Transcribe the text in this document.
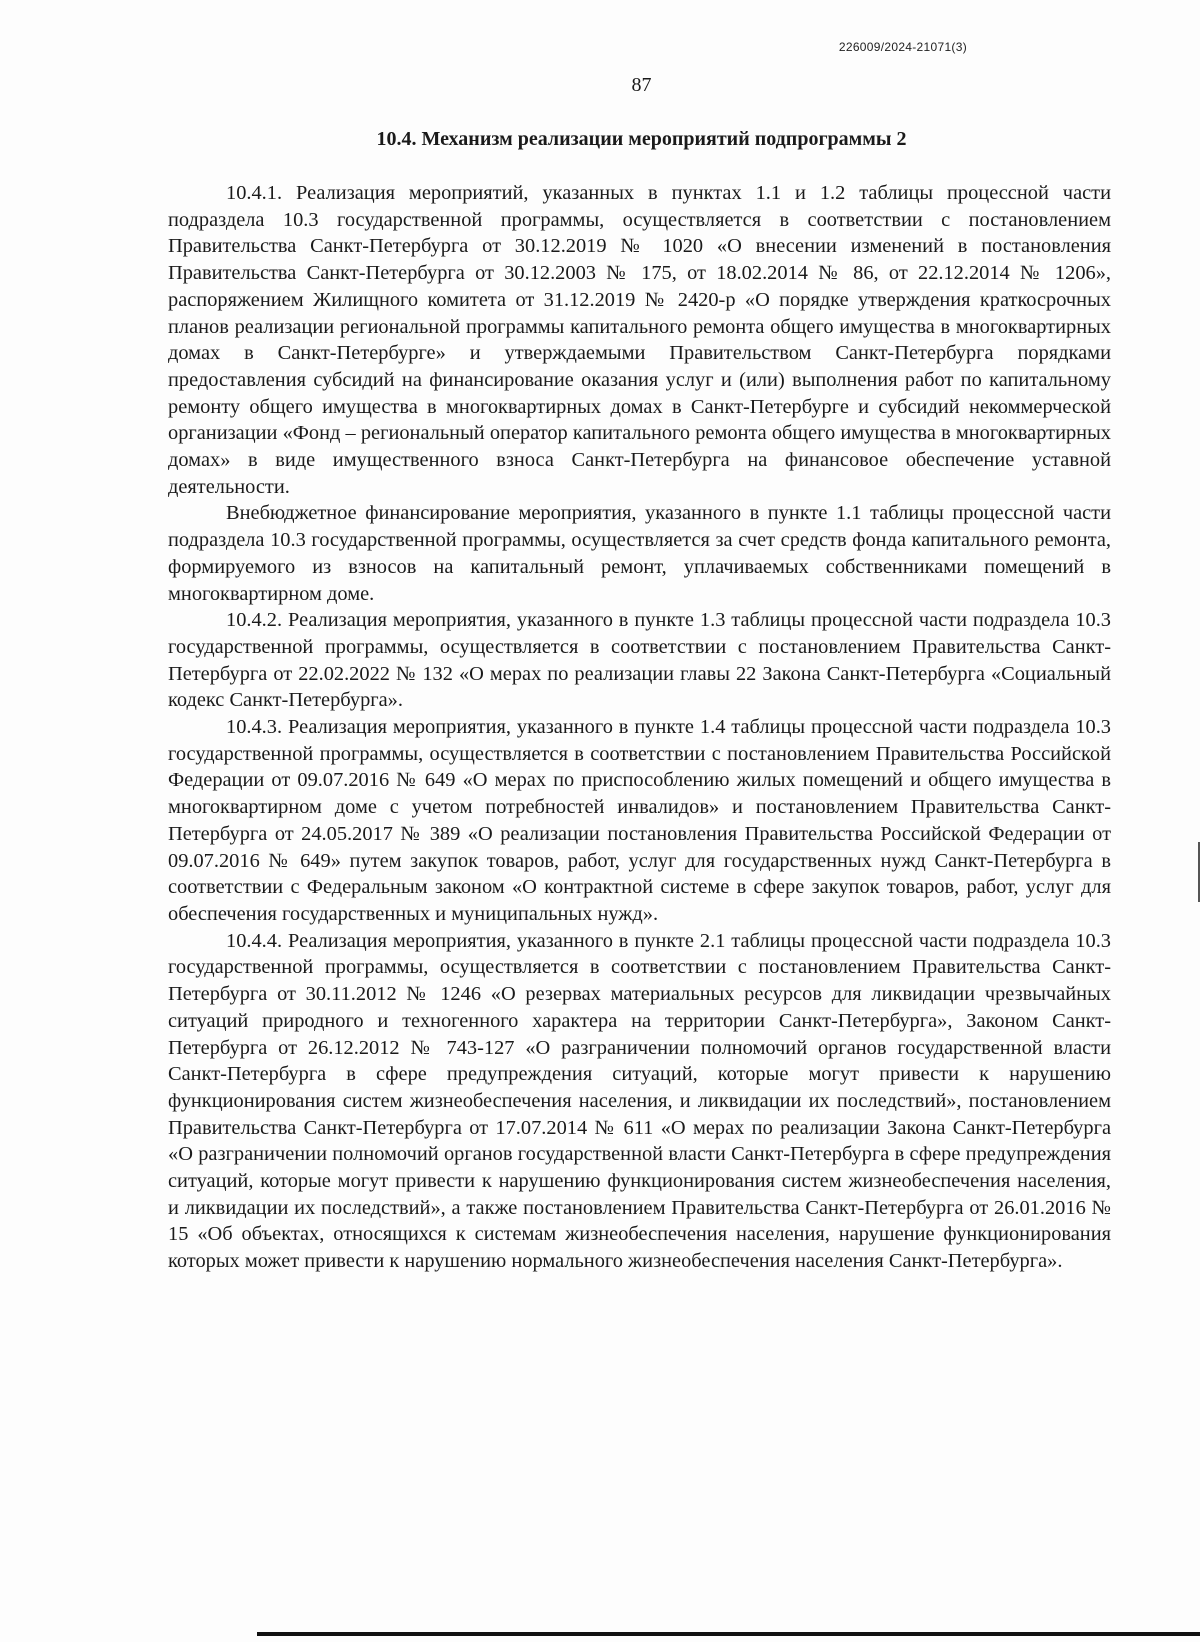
226009/2024-21071(3)
87
10.4. Механизм реализации мероприятий подпрограммы 2

10.4.1. Реализация мероприятий, указанных в пунктах 1.1 и 1.2 таблицы процессной части подраздела 10.3 государственной программы, осуществляется в соответствии с постановлением Правительства Санкт-Петербурга от 30.12.2019 № 1020 «О внесении изменений в постановления Правительства Санкт-Петербурга от 30.12.2003 № 175, от 18.02.2014 № 86, от 22.12.2014 № 1206», распоряжением Жилищного комитета от 31.12.2019 № 2420-р «О порядке утверждения краткосрочных планов реализации региональной программы капитального ремонта общего имущества в многоквартирных домах в Санкт-Петербурге» и утверждаемыми Правительством Санкт-Петербурга порядками предоставления субсидий на финансирование оказания услуг и (или) выполнения работ по капитальному ремонту общего имущества в многоквартирных домах в Санкт-Петербурге и субсидий некоммерческой организации «Фонд – региональный оператор капитального ремонта общего имущества в многоквартирных домах» в виде имущественного взноса Санкт-Петербурга на финансовое обеспечение уставной деятельности.

Внебюджетное финансирование мероприятия, указанного в пункте 1.1 таблицы процессной части подраздела 10.3 государственной программы, осуществляется за счет средств фонда капитального ремонта, формируемого из взносов на капитальный ремонт, уплачиваемых собственниками помещений в многоквартирном доме.

10.4.2. Реализация мероприятия, указанного в пункте 1.3 таблицы процессной части подраздела 10.3 государственной программы, осуществляется в соответствии с постановлением Правительства Санкт-Петербурга от 22.02.2022 № 132 «О мерах по реализации главы 22 Закона Санкт-Петербурга «Социальный кодекс Санкт-Петербурга».

10.4.3. Реализация мероприятия, указанного в пункте 1.4 таблицы процессной части подраздела 10.3 государственной программы, осуществляется в соответствии с постановлением Правительства Российской Федерации от 09.07.2016 № 649 «О мерах по приспособлению жилых помещений и общего имущества в многоквартирном доме с учетом потребностей инвалидов» и постановлением Правительства Санкт-Петербурга от 24.05.2017 № 389 «О реализации постановления Правительства Российской Федерации от 09.07.2016 № 649» путем закупок товаров, работ, услуг для государственных нужд Санкт-Петербурга в соответствии с Федеральным законом «О контрактной системе в сфере закупок товаров, работ, услуг для обеспечения государственных и муниципальных нужд».

10.4.4. Реализация мероприятия, указанного в пункте 2.1 таблицы процессной части подраздела 10.3 государственной программы, осуществляется в соответствии с постановлением Правительства Санкт-Петербурга от 30.11.2012 № 1246 «О резервах материальных ресурсов для ликвидации чрезвычайных ситуаций природного и техногенного характера на территории Санкт-Петербурга», Законом Санкт-Петербурга от 26.12.2012 № 743-127 «О разграничении полномочий органов государственной власти Санкт-Петербурга в сфере предупреждения ситуаций, которые могут привести к нарушению функционирования систем жизнеобеспечения населения, и ликвидации их последствий», постановлением Правительства Санкт-Петербурга от 17.07.2014 № 611 «О мерах по реализации Закона Санкт-Петербурга «О разграничении полномочий органов государственной власти Санкт-Петербурга в сфере предупреждения ситуаций, которые могут привести к нарушению функционирования систем жизнеобеспечения населения, и ликвидации их последствий», а также постановлением Правительства Санкт-Петербурга от 26.01.2016 № 15 «Об объектах, относящихся к системам жизнеобеспечения населения, нарушение функционирования которых может привести к нарушению нормального жизнеобеспечения населения Санкт-Петербурга».
